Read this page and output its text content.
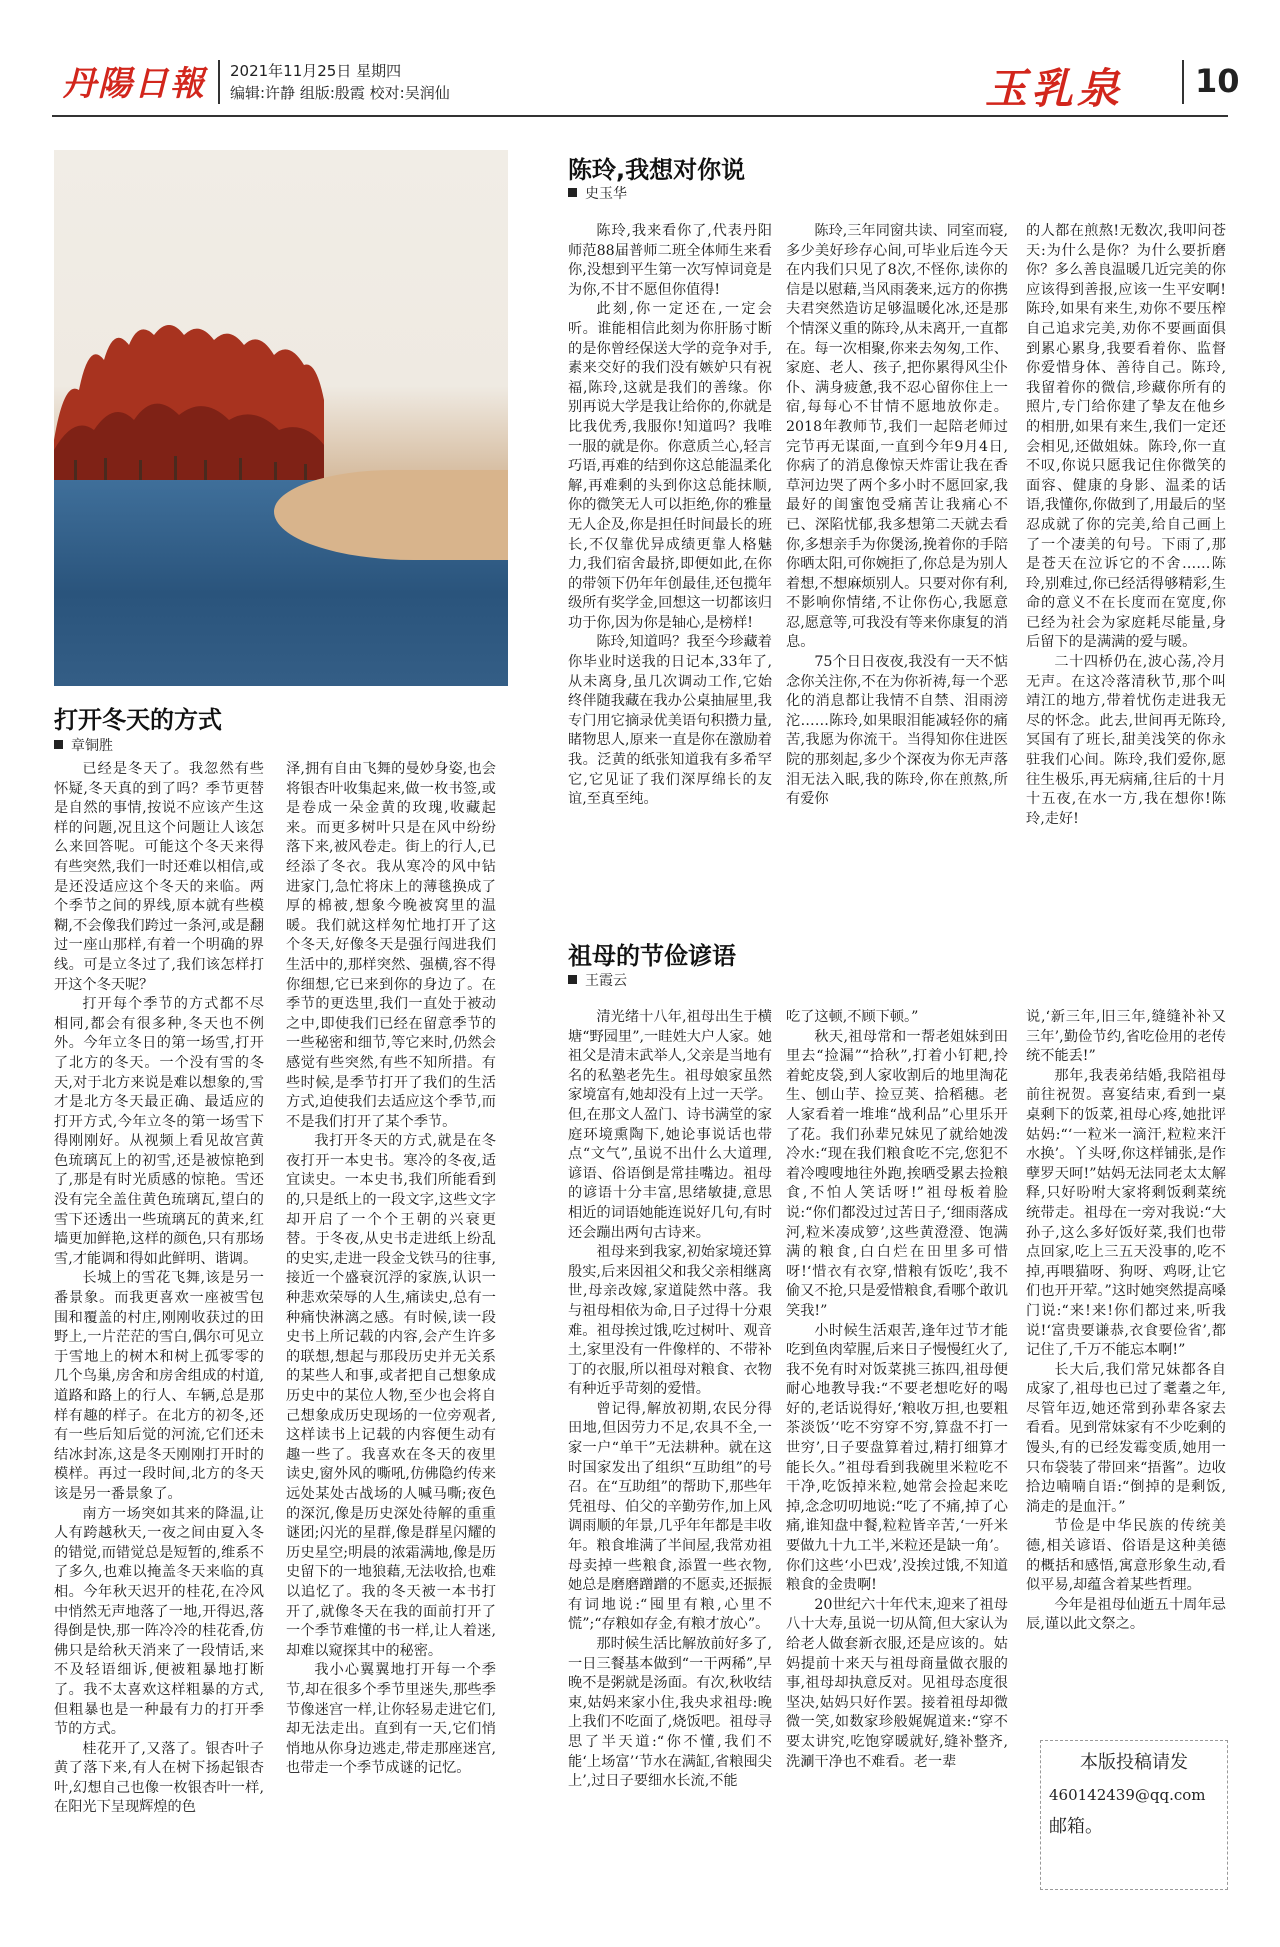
丹陽日報 2021年11月25日 星期四
编辑:许静 组版:殷霞 校对:吴润仙	玉乳泉 10
打开冬天的方式
章铜胜

已经是冬天了。我忽然有些怀疑,冬天真的到了吗？季节更替是自然的事情,按说不应该产生这样的问题,况且这个问题让人该怎么来回答呢。可能这个冬天来得有些突然,我们一时还难以相信,或是还没适应这个冬天的来临。两个季节之间的界线,原本就有些模糊,不会像我们跨过一条河,或是翻过一座山那样,有着一个明确的界线。可是立冬过了,我们该怎样打开这个冬天呢？

打开每个季节的方式都不尽相同,都会有很多种,冬天也不例外。今年立冬日的第一场雪,打开了北方的冬天。一个没有雪的冬天,对于北方来说是难以想象的,雪才是北方冬天最正确、最适应的打开方式,今年立冬的第一场雪下得刚刚好。从视频上看见故宫黄色琉璃瓦上的初雪,还是被惊艳到了,那是有时光质感的惊艳。雪还没有完全盖住黄色琉璃瓦,望白的雪下还透出一些琉璃瓦的黄来,红墙更加鲜艳,这样的颜色,只有那场雪,才能调和得如此鲜明、谐调。

长城上的雪花飞舞,该是另一番景象。而我更喜欢一座被雪包围和覆盖的村庄,刚刚收获过的田野上,一片茫茫的雪白,偶尔可见立于雪地上的树木和树上孤零零的几个鸟巢,房舍和房舍组成的村道,道路和路上的行人、车辆,总是那样有趣的样子。在北方的初冬,还有一些后知后觉的河流,它们还未结冰封冻,这是冬天刚刚打开时的模样。再过一段时间,北方的冬天该是另一番景象了。

南方一场突如其来的降温,让人有跨越秋天,一夜之间由夏入冬的错觉,而错觉总是短暂的,维系不了多久,也难以掩盖冬天来临的真相。今年秋天迟开的桂花,在冷风中悄然无声地落了一地,开得迟,落得倒是快,那一阵冷冷的桂花香,仿佛只是给秋天消来了一段情话,来不及轻语细诉,便被粗暴地打断了。我不太喜欢这样粗暴的方式,但粗暴也是一种最有力的打开季节的方式。

桂花开了,又落了。银杏叶子黄了落下来,有人在树下扬起银杏叶,幻想自己也像一枚银杏叶一样,在阳光下呈现辉煌的色

泽,拥有自由飞舞的曼妙身姿,也会将银杏叶收集起来,做一枚书签,或是卷成一朵金黄的玫瑰,收藏起来。而更多树叶只是在风中纷纷落下来,被风卷走。街上的行人,已经添了冬衣。我从寒冷的风中钻进家门,急忙将床上的薄毯换成了厚的棉被,想象今晚被窝里的温暖。我们就这样匆忙地打开了这个冬天,好像冬天是强行闯进我们生活中的,那样突然、强横,容不得你细想,它已来到你的身边了。在季节的更迭里,我们一直处于被动之中,即使我们已经在留意季节的一些秘密和细节,等它来时,仍然会感觉有些突然,有些不知所措。有些时候,是季节打开了我们的生活方式,迫使我们去适应这个季节,而不是我们打开了某个季节。

我打开冬天的方式,就是在冬夜打开一本史书。寒冷的冬夜,适宜读史。一本史书,我们所能看到的,只是纸上的一段文字,这些文字却开启了一个个王朝的兴衰更替。于冬夜,从史书走进纸上纷乱的史实,走进一段金戈铁马的往事,接近一个盛衰沉浮的家族,认识一种悲欢荣辱的人生,痛读史,总有一种痛快淋漓之感。有时候,读一段史书上所记载的内容,会产生许多的联想,想起与那段历史并无关系的某些人和事,或者把自己想象成历史中的某位人物,至少也会将自己想象成历史现场的一位旁观者,这样读书上记载的内容便生动有趣一些了。我喜欢在冬天的夜里读史,窗外风的嘶吼,仿佛隐约传来远处某处古战场的人喊马嘶;夜色的深沉,像是历史深处待解的重重谜团;闪光的星群,像是群星闪耀的历史星空;明晨的浓霜满地,像是历史留下的一地狼藉,无法收拾,也难以追忆了。我的冬天被一本书打开了,就像冬天在我的面前打开了一个季节难懂的书一样,让人着迷,却难以窥探其中的秘密。

我小心翼翼地打开每一个季节,却在很多个季节里迷失,那些季节像迷宫一样,让你轻易走进它们,却无法走出。直到有一天,它们悄悄地从你身边逃走,带走那座迷宫,也带走一个季节成谜的记忆。

陈玲,我想对你说
史玉华

陈玲,我来看你了,代表丹阳师范88届普师二班全体师生来看你,没想到平生第一次写悼词竟是为你,不甘不愿但你值得!

此刻,你一定还在,一定会听。谁能相信此刻为你肝肠寸断的是你曾经保送大学的竞争对手,素来交好的我们没有嫉妒只有祝福,陈玲,这就是我们的善缘。你别再说大学是我让给你的,你就是比我优秀,我服你!知道吗？我唯一服的就是你。你意质兰心,轻言巧语,再难的结到你这总能温柔化解,再难剩的头到你这总能抹顺,你的微笑无人可以拒绝,你的雅量无人企及,你是担任时间最长的班长,不仅靠优异成绩更靠人格魅力,我们宿舍最挤,即便如此,在你的带领下仍年年创最佳,还包揽年级所有奖学金,回想这一切都该归功于你,因为你是轴心,是榜样!

陈玲,知道吗？我至今珍藏着你毕业时送我的日记本,33年了,从未离身,虽几次调动工作,它始终伴随我藏在我办公桌抽屉里,我专门用它摘录优美语句积攒力量,睹物思人,原来一直是你在激励着我。泛黄的纸张知道我有多希罕它,它见证了我们深厚绵长的友谊,至真至纯。

陈玲,三年同窗共读、同室而寝,多少美好珍存心间,可毕业后连今天在内我们只见了8次,不怪你,读你的信是以慰藉,当风雨袭来,远方的你携夫君突然造访足够温暖化冰,还是那个情深义重的陈玲,从未离开,一直都在。每一次相聚,你来去匆匆,工作、家庭、老人、孩子,把你累得风尘仆仆、满身疲惫,我不忍心留你住上一宿,每每心不甘情不愿地放你走。2018年教师节,我们一起陪老师过完节再无谋面,一直到今年9月4日,你病了的消息像惊天炸雷让我在香草河边哭了两个多小时不愿回家,我最好的闺蜜饱受痛苦让我痛心不已、深陷忧郁,我多想第二天就去看你,多想亲手为你煲汤,挽着你的手陪你晒太阳,可你婉拒了,你总是为别人着想,不想麻烦别人。只要对你有利,不影响你情绪,不让你伤心,我愿意忍,愿意等,可我没有等来你康复的消息。

75个日日夜夜,我没有一天不惦念你关注你,不在为你祈祷,每一个恶化的消息都让我情不自禁、泪雨滂沱……陈玲,如果眼泪能减轻你的痛苦,我愿为你流干。当得知你住进医院的那刻起,多少个深夜为你无声落泪无法入眠,我的陈玲,你在煎熬,所有爱你

的人都在煎熬!无数次,我叩问苍天:为什么是你？为什么要折磨你？多么善良温暖几近完美的你应该得到善报,应该一生平安啊!陈玲,如果有来生,劝你不要压榨自己追求完美,劝你不要画面俱到累心累身,我要看着你、监督你爱惜身体、善待自己。陈玲,我留着你的微信,珍藏你所有的照片,专门给你建了挚友在他乡的相册,如果有来生,我们一定还会相见,还做姐妹。陈玲,你一直不叹,你说只愿我记住你微笑的面容、健康的身影、温柔的话语,我懂你,你做到了,用最后的坚忍成就了你的完美,给自己画上了一个凄美的句号。下雨了,那是苍天在泣诉它的不舍……陈玲,别难过,你已经活得够精彩,生命的意义不在长度而在宽度,你已经为社会为家庭耗尽能量,身后留下的是满满的爱与暖。

二十四桥仍在,波心荡,冷月无声。在这冷落清秋节,那个叫靖江的地方,带着忧伤走进我无尽的怀念。此去,世间再无陈玲,冥国有了班长,甜美浅笑的你永驻我们心间。陈玲,我们爱你,愿往生极乐,再无病痛,往后的十月十五夜,在水一方,我在想你!陈玲,走好!

祖母的节俭谚语
王霞云

清光绪十八年,祖母出生于横塘“野园里”,一眭姓大户人家。她祖父是清末武举人,父亲是当地有名的私塾老先生。祖母娘家虽然家境富有,她却没有上过一天学。但,在那文人盈门、诗书满堂的家庭环境熏陶下,她论事说话也带点“文气”,虽说不出什么大道理,谚语、俗语倒是常挂嘴边。祖母的谚语十分丰富,思绪敏捷,意思相近的词语她能连说好几句,有时还会蹦出两句古诗来。

祖母来到我家,初始家境还算殷实,后来因祖父和我父亲相继离世,母亲改嫁,家道陡然中落。我与祖母相依为命,日子过得十分艰难。祖母挨过饿,吃过树叶、观音土,家里没有一件像样的、不带补丁的衣服,所以祖母对粮食、衣物有种近乎苛刻的爱惜。

曾记得,解放初期,农民分得田地,但因劳力不足,农具不全,一家一户“单干”无法耕种。就在这时国家发出了组织“互助组”的号召。在“互助组”的帮助下,那些年凭祖母、伯父的辛勤劳作,加上风调雨顺的年景,几乎年年都是丰收年。粮食堆满了半间屋,我常劝祖母卖掉一些粮食,添置一些衣物,她总是磨磨蹭蹭的不愿卖,还振振有词地说:“囤里有粮,心里不慌”;“存粮如存金,有粮才放心”。

那时候生活比解放前好多了,一日三餐基本做到“一干两稀”,早晚不是粥就是汤面。有次,秋收结束,姑妈来家小住,我央求祖母:晚上我们不吃面了,烧饭吧。祖母寻思了半天道:“你不懂,我们不能‘上场富’‘节水在满缸,省粮囤尖上’,过日子要细水长流,不能

吃了这顿,不顾下顿。”

秋天,祖母常和一帮老姐妹到田里去“捡漏”“拾秋”,打着小钉耙,拎着蛇皮袋,到人家收割后的地里淘花生、刨山芋、捡豆荚、拾稻穗。老人家看着一堆堆“战利品”心里乐开了花。我们孙辈兄妹见了就给她泼冷水:“现在我们粮食吃不完,您犯不着冷嗖嗖地往外跑,挨晒受累去捡粮食,不怕人笑话呀!”祖母板着脸说:“你们都没过过苦日子,‘细雨落成河,粒米凑成箩’,这些黄澄澄、饱满满的粮食,白白烂在田里多可惜呀!‘惜衣有衣穿,惜粮有饭吃’,我不偷又不抢,只是爱惜粮食,看哪个敢讥笑我!”

小时候生活艰苦,逢年过节才能吃到鱼肉荤腥,后来日子慢慢红火了,我不免有时对饭菜挑三拣四,祖母便耐心地教导我:“不要老想吃好的喝好的,老话说得好,‘粮收万担,也要粗茶淡饭’‘吃不穷穿不穷,算盘不打一世穷’,日子要盘算着过,精打细算才能长久。”祖母看到我碗里米粒吃不干净,吃饭掉米粒,她常会捡起来吃掉,念念叨叨地说:“吃了不痛,掉了心痛,谁知盘中餐,粒粒皆辛苦,‘一歼米要做九十九工半,米粒还是缺一角’。你们这些‘小巴戏’,没挨过饿,不知道粮食的金贵啊!

20世纪六十年代末,迎来了祖母八十大寿,虽说一切从简,但大家认为给老人做套新衣服,还是应该的。姑妈提前十来天与祖母商量做衣服的事,祖母却执意反对。见祖母态度很坚决,姑妈只好作罢。接着祖母却微微一笑,如数家珍般娓娓道来:“穿不要太讲究,吃饱穿暖就好,缝补整齐,洗涮干净也不难看。老一辈

说,‘新三年,旧三年,缝缝补补又三年’,勤俭节约,省吃俭用的老传统不能丢!”

那年,我表弟结婚,我陪祖母前往祝贺。喜宴结束,看到一桌桌剩下的饭菜,祖母心疼,她批评姑妈:“‘一粒米一滴汗,粒粒来汗水换’。丫头呀,你这样铺张,是作孽罗天呵!”姑妈无法同老太太解释,只好吩咐大家将剩饭剩菜统统带走。祖母在一旁对我说:“大孙子,这么多好饭好菜,我们也带点回家,吃上三五天没事的,吃不掉,再喂猫呀、狗呀、鸡呀,让它们也开开荤。”这时她突然提高嗓门说:“来!来!你们都过来,听我说!‘富贵要谦恭,衣食要俭省’,都记住了,千万不能忘本啊!”

长大后,我们常兄妹都各自成家了,祖母也已过了耄耋之年,尽管年迈,她还常到孙辈各家去看看。见到常妹家有不少吃剩的馒头,有的已经发霉变质,她用一只布袋装了带回来“捂酱”。边收拾边喃喃自语:“倒掉的是剩饭,淌走的是血汗。”

节俭是中华民族的传统美德,相关谚语、俗语是这种美德的概括和感悟,寓意形象生动,看似平易,却蕴含着某些哲理。

今年是祖母仙逝五十周年忌辰,谨以此文祭之。

本版投稿请发
460142439@qq.com
邮箱。
